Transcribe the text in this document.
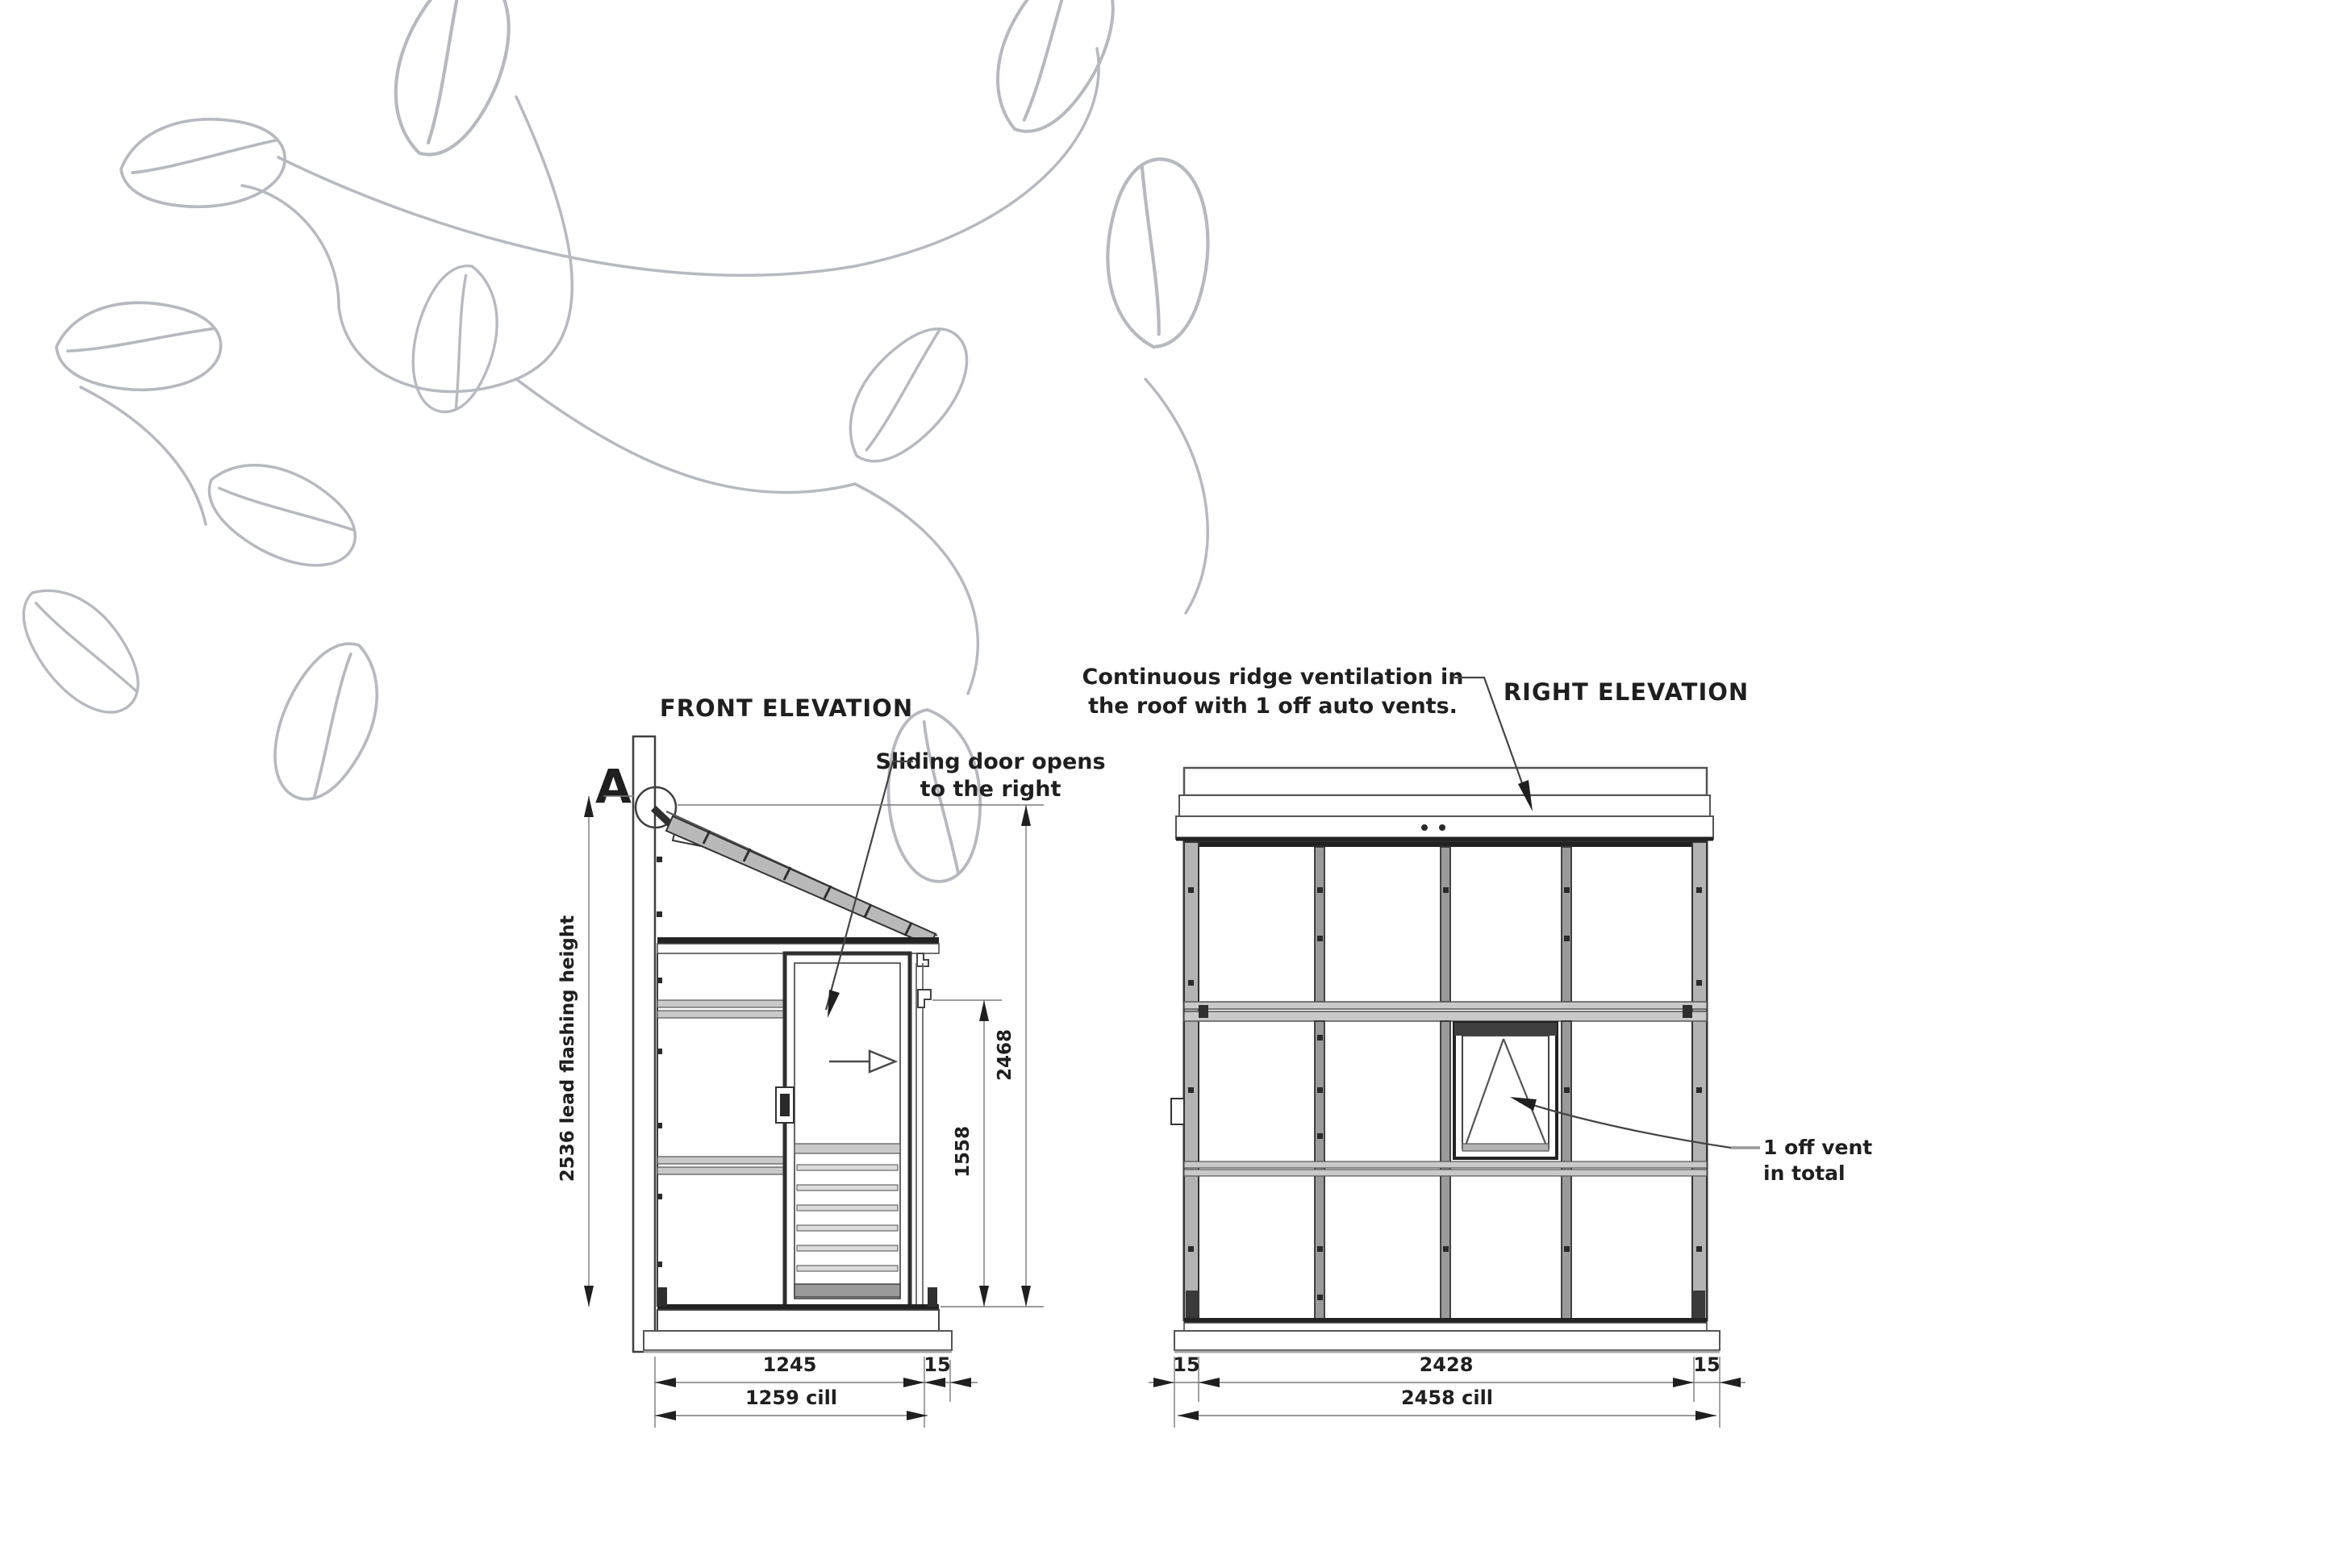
FRONT ELEVATION
A	Sliding door opens
to the right
2536 lead flashing height	2468
1558
1245	15
1259 cill
RIGHT ELEVATION
Continuous ridge ventilation in
the roof with 1 off auto vents.
1 off vent
in total
15	2428	15
2458 cill
